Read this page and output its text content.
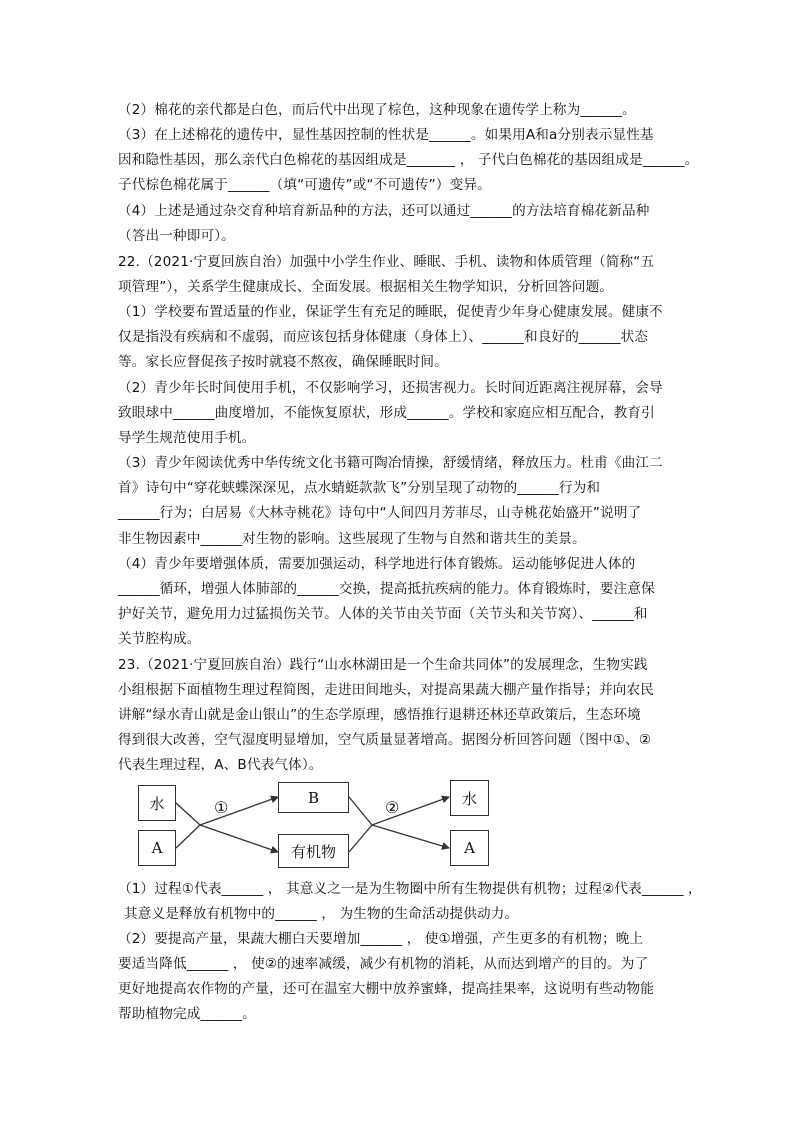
（2）棉花的亲代都是白色，而后代中出现了棕色，这种现象在遗传学上称为______。
（3）在上述棉花的遗传中，显性基因控制的性状是______。如果用A和a分别表示显性基
因和隐性基因，那么亲代白色棉花的基因组成是_______ ， 子代白色棉花的基因组成是______。
子代棕色棉花属于______（填“可遗传”或“不可遗传”）变异。
（4）上述是通过杂交育种培育新品种的方法，还可以通过______的方法培育棉花新品种
（答出一种即可）。
22.（2021·宁夏回族自治）加强中小学生作业、睡眠、手机、读物和体质管理（简称“五
项管理”），关系学生健康成长、全面发展。根据相关生物学知识，分析回答问题。
（1）学校要布置适量的作业，保证学生有充足的睡眠，促使青少年身心健康发展。健康不
仅是指没有疾病和不虚弱，而应该包括身体健康（身体上）、______和良好的______状态
等。家长应督促孩子按时就寝不熬夜，确保睡眠时间。
（2）青少年长时间使用手机，不仅影响学习，还损害视力。长时间近距离注视屏幕，会导
致眼球中______曲度增加，不能恢复原状，形成______。学校和家庭应相互配合，教育引
导学生规范使用手机。
（3）青少年阅读优秀中华传统文化书籍可陶冶情操，舒缓情绪，释放压力。杜甫《曲江二
首》诗句中“穿花蛱蝶深深见，点水蜻蜓款款飞”分别呈现了动物的______行为和
______行为；白居易《大林寺桃花》诗句中“人间四月芳菲尽，山寺桃花始盛开”说明了
非生物因素中______对生物的影响。这些展现了生物与自然和谐共生的美景。
（4）青少年要增强体质，需要加强运动，科学地进行体育锻炼。运动能够促进人体的
______循环，增强人体肺部的______交换，提高抵抗疾病的能力。体育锻炼时，要注意保
护好关节，避免用力过猛损伤关节。人体的关节由关节面（关节头和关节窝）、______和
关节腔构成。
23.（2021·宁夏回族自治）践行“山水林湖田是一个生命共同体”的发展理念，生物实践
小组根据下面植物生理过程简图，走进田间地头，对提高果蔬大棚产量作指导；并向农民
讲解“绿水青山就是金山银山”的生态学原理，感悟推行退耕还林还草政策后，生态环境
得到很大改善，空气湿度明显增加，空气质量显著增高。据图分析回答问题（图中①、②
代表生理过程，A、B代表气体）。
水
A
①
B
有机物
②	水
A
（1）过程①代表______ ， 其意义之一是为生物圈中所有生物提供有机物；过程②代表______ ，
其意义是释放有机物中的______ ， 为生物的生命活动提供动力。
（2）要提高产量，果蔬大棚白天要增加______ ， 使①增强，产生更多的有机物；晚上
要适当降低______ ， 使②的速率减缓，减少有机物的消耗，从而达到增产的目的。为了
更好地提高农作物的产量，还可在温室大棚中放养蜜蜂，提高挂果率，这说明有些动物能
帮助植物完成______。
